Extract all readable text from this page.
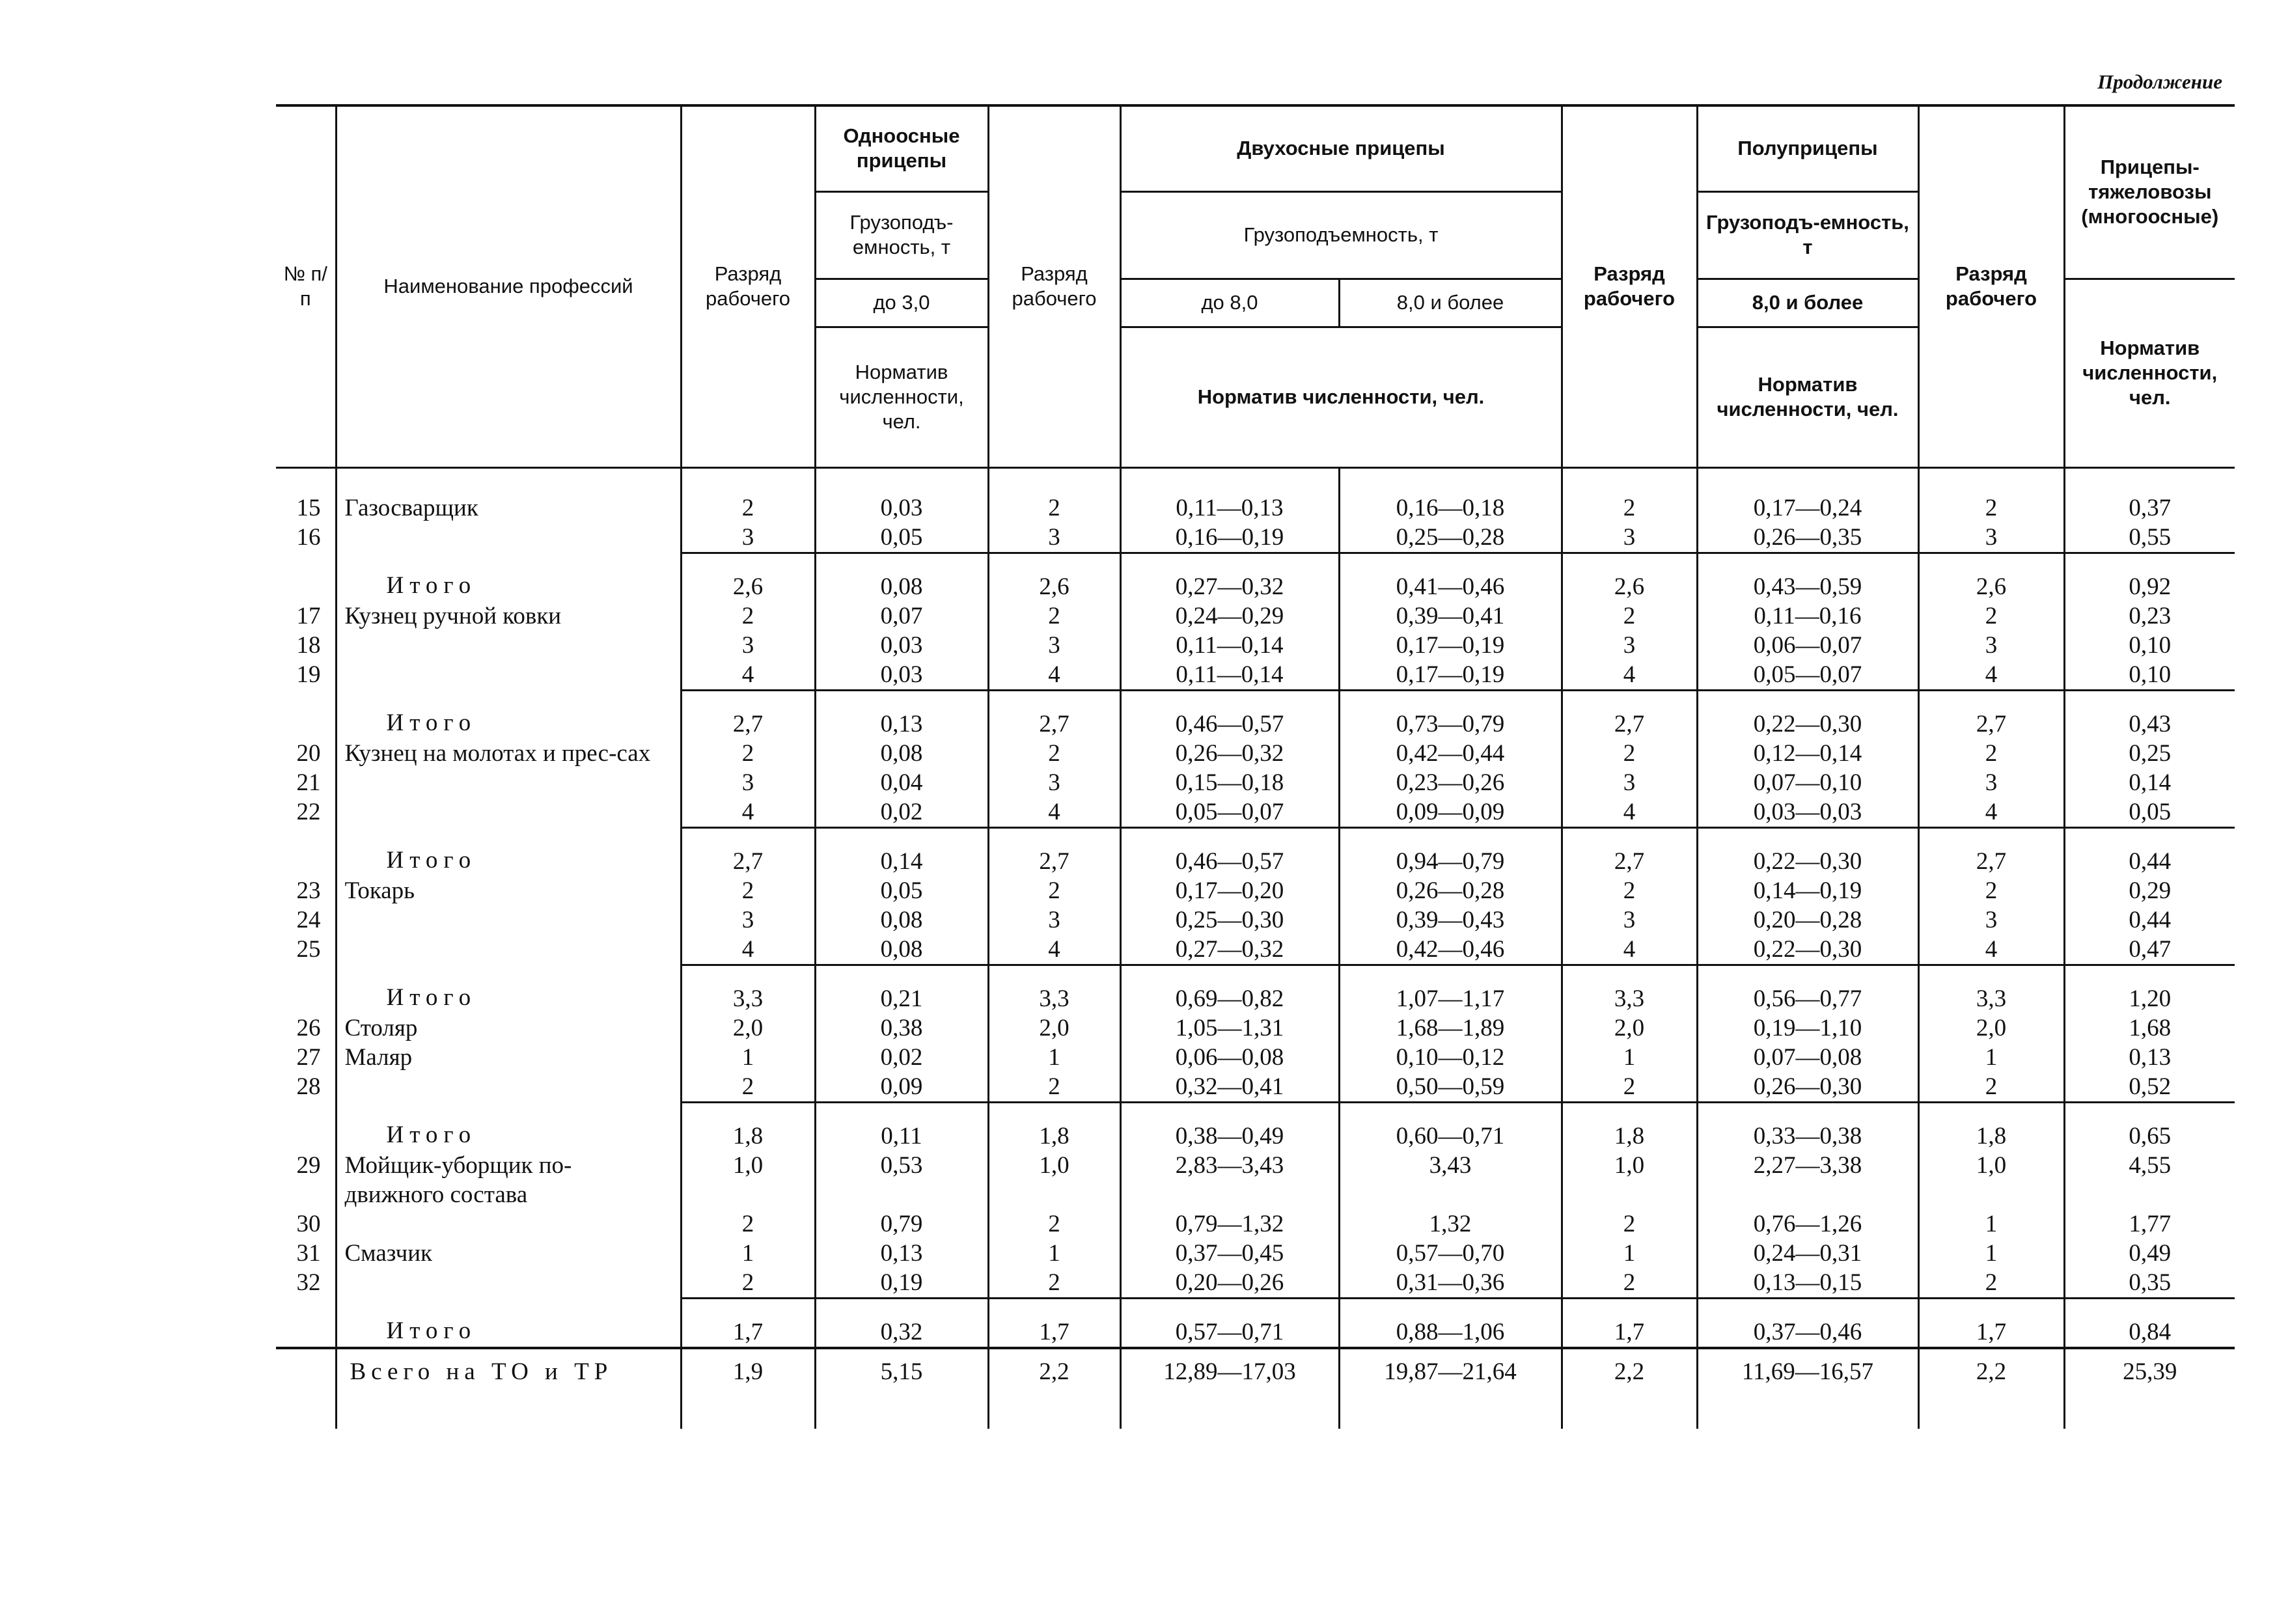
Продолжение
№ п/п	Наименование профессий	Разряд рабочего	Одноосные прицепы	Разряд рабочего	Двухосные прицепы		Разряд рабочего	Полуприцепы	Разряд рабочего	Прицепы-тяжеловозы (многоосные)
			Грузоподъ-емность, т		Грузоподъемность, т			Грузоподъ-емность, т		
			до 3,0		до 8,0	8,0 и более		8,0 и более		Норматив численности, чел.
			Норматив численности, чел.		Норматив численности, чел.			Норматив численности, чел.		
15	Газосварщик	2	0,03	2	0,11—0,13	0,16—0,18	2	0,17—0,24	2	0,37
16		3	0,05	3	0,16—0,19	0,25—0,28	3	0,26—0,35	3	0,55
	Итого	2,6	0,08	2,6	0,27—0,32	0,41—0,46	2,6	0,43—0,59	2,6	0,92
17	Кузнец ручной ковки	2	0,07	2	0,24—0,29	0,39—0,41	2	0,11—0,16	2	0,23
18		3	0,03	3	0,11—0,14	0,17—0,19	3	0,06—0,07	3	0,10
19		4	0,03	4	0,11—0,14	0,17—0,19	4	0,05—0,07	4	0,10
	Итого	2,7	0,13	2,7	0,46—0,57	0,73—0,79	2,7	0,22—0,30	2,7	0,43
20	Кузнец на молотах и прес-сах	2	0,08	2	0,26—0,32	0,42—0,44	2	0,12—0,14	2	0,25
21		3	0,04	3	0,15—0,18	0,23—0,26	3	0,07—0,10	3	0,14
22		4	0,02	4	0,05—0,07	0,09—0,09	4	0,03—0,03	4	0,05
	Итого	2,7	0,14	2,7	0,46—0,57	0,94—0,79	2,7	0,22—0,30	2,7	0,44
23	Токарь	2	0,05	2	0,17—0,20	0,26—0,28	2	0,14—0,19	2	0,29
24		3	0,08	3	0,25—0,30	0,39—0,43	3	0,20—0,28	3	0,44
25		4	0,08	4	0,27—0,32	0,42—0,46	4	0,22—0,30	4	0,47
	Итого	3,3	0,21	3,3	0,69—0,82	1,07—1,17	3,3	0,56—0,77	3,3	1,20
26	Столяр	2,0	0,38	2,0	1,05—1,31	1,68—1,89	2,0	0,19—1,10	2,0	1,68
27	Маляр	1	0,02	1	0,06—0,08	0,10—0,12	1	0,07—0,08	1	0,13
28		2	0,09	2	0,32—0,41	0,50—0,59	2	0,26—0,30	2	0,52
	Итого	1,8	0,11	1,8	0,38—0,49	0,60—0,71	1,8	0,33—0,38	1,8	0,65
29	Мойщик-уборщик по-движного состава	1,0	0,53	1,0	2,83—3,43	3,43	1,0	2,27—3,38	1,0	4,55
30		2	0,79	2	0,79—1,32	1,32	2	0,76—1,26	1	1,77
31	Смазчик	1	0,13	1	0,37—0,45	0,57—0,70	1	0,24—0,31	1	0,49
32		2	0,19	2	0,20—0,26	0,31—0,36	2	0,13—0,15	2	0,35
	Итого	1,7	0,32	1,7	0,57—0,71	0,88—1,06	1,7	0,37—0,46	1,7	0,84
	Всего на ТО и ТР	1,9	5,15	2,2	12,89—17,03	19,87—21,64	2,2	11,69—16,57	2,2	25,39
